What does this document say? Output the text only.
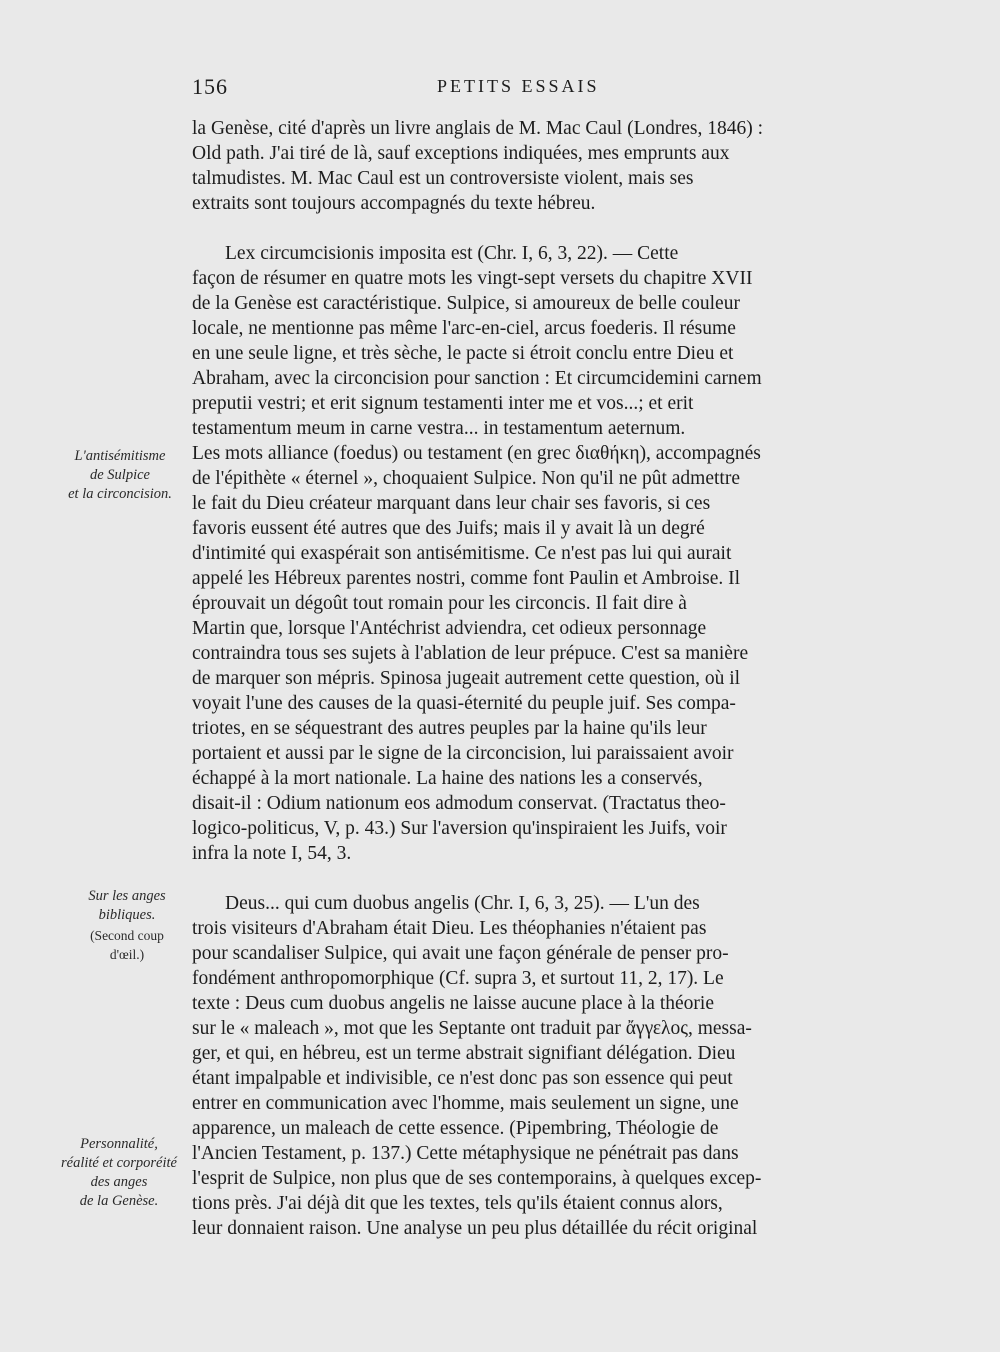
156	PETITS ESSAIS
L'antisémitisme
de Sulpice
et la circoncision.
Sur les anges
bibliques.
(Second coup
d'œil.)
Personnalité,
réalité et corporéité
des anges
de la Genèse.
la Genèse, cité d'après un livre anglais de M. Mac Caul (Londres, 1846) :
Old path. J'ai tiré de là, sauf exceptions indiquées, mes emprunts aux
talmudistes. M. Mac Caul est un controversiste violent, mais ses
extraits sont toujours accompagnés du texte hébreu.
Lex circumcisionis imposita est (Chr. I, 6, 3, 22). — Cette
façon de résumer en quatre mots les vingt-sept versets du chapitre XVII
de la Genèse est caractéristique. Sulpice, si amoureux de belle couleur
locale, ne mentionne pas même l'arc-en-ciel, arcus foederis. Il résume
en une seule ligne, et très sèche, le pacte si étroit conclu entre Dieu et
Abraham, avec la circoncision pour sanction : Et circumcidemini carnem
preputii vestri; et erit signum testamenti inter me et vos...; et erit
testamentum meum in carne vestra... in testamentum aeternum.
Les mots alliance (foedus) ou testament (en grec διαθήκη), accompagnés
de l'épithète « éternel », choquaient Sulpice. Non qu'il ne pût admettre
le fait du Dieu créateur marquant dans leur chair ses favoris, si ces
favoris eussent été autres que des Juifs; mais il y avait là un degré
d'intimité qui exaspérait son antisémitisme. Ce n'est pas lui qui aurait
appelé les Hébreux parentes nostri, comme font Paulin et Ambroise. Il
éprouvait un dégoût tout romain pour les circoncis. Il fait dire à
Martin que, lorsque l'Antéchrist adviendra, cet odieux personnage
contraindra tous ses sujets à l'ablation de leur prépuce. C'est sa manière
de marquer son mépris. Spinosa jugeait autrement cette question, où il
voyait l'une des causes de la quasi-éternité du peuple juif. Ses compa-
triotes, en se séquestrant des autres peuples par la haine qu'ils leur
portaient et aussi par le signe de la circoncision, lui paraissaient avoir
échappé à la mort nationale. La haine des nations les a conservés,
disait-il : Odium nationum eos admodum conservat. (Tractatus theo-
logico-politicus, V, p. 43.) Sur l'aversion qu'inspiraient les Juifs, voir
infra la note I, 54, 3.
Deus... qui cum duobus angelis (Chr. I, 6, 3, 25). — L'un des
trois visiteurs d'Abraham était Dieu. Les théophanies n'étaient pas
pour scandaliser Sulpice, qui avait une façon générale de penser pro-
fondément anthropomorphique (Cf. supra 3, et surtout 11, 2, 17). Le
texte : Deus cum duobus angelis ne laisse aucune place à la théorie
sur le « maleach », mot que les Septante ont traduit par ἄγγελος, messa-
ger, et qui, en hébreu, est un terme abstrait signifiant délégation. Dieu
étant impalpable et indivisible, ce n'est donc pas son essence qui peut
entrer en communication avec l'homme, mais seulement un signe, une
apparence, un maleach de cette essence. (Pipembring, Théologie de
l'Ancien Testament, p. 137.) Cette métaphysique ne pénétrait pas dans
l'esprit de Sulpice, non plus que de ses contemporains, à quelques excep-
tions près. J'ai déjà dit que les textes, tels qu'ils étaient connus alors,
leur donnaient raison. Une analyse un peu plus détaillée du récit original
